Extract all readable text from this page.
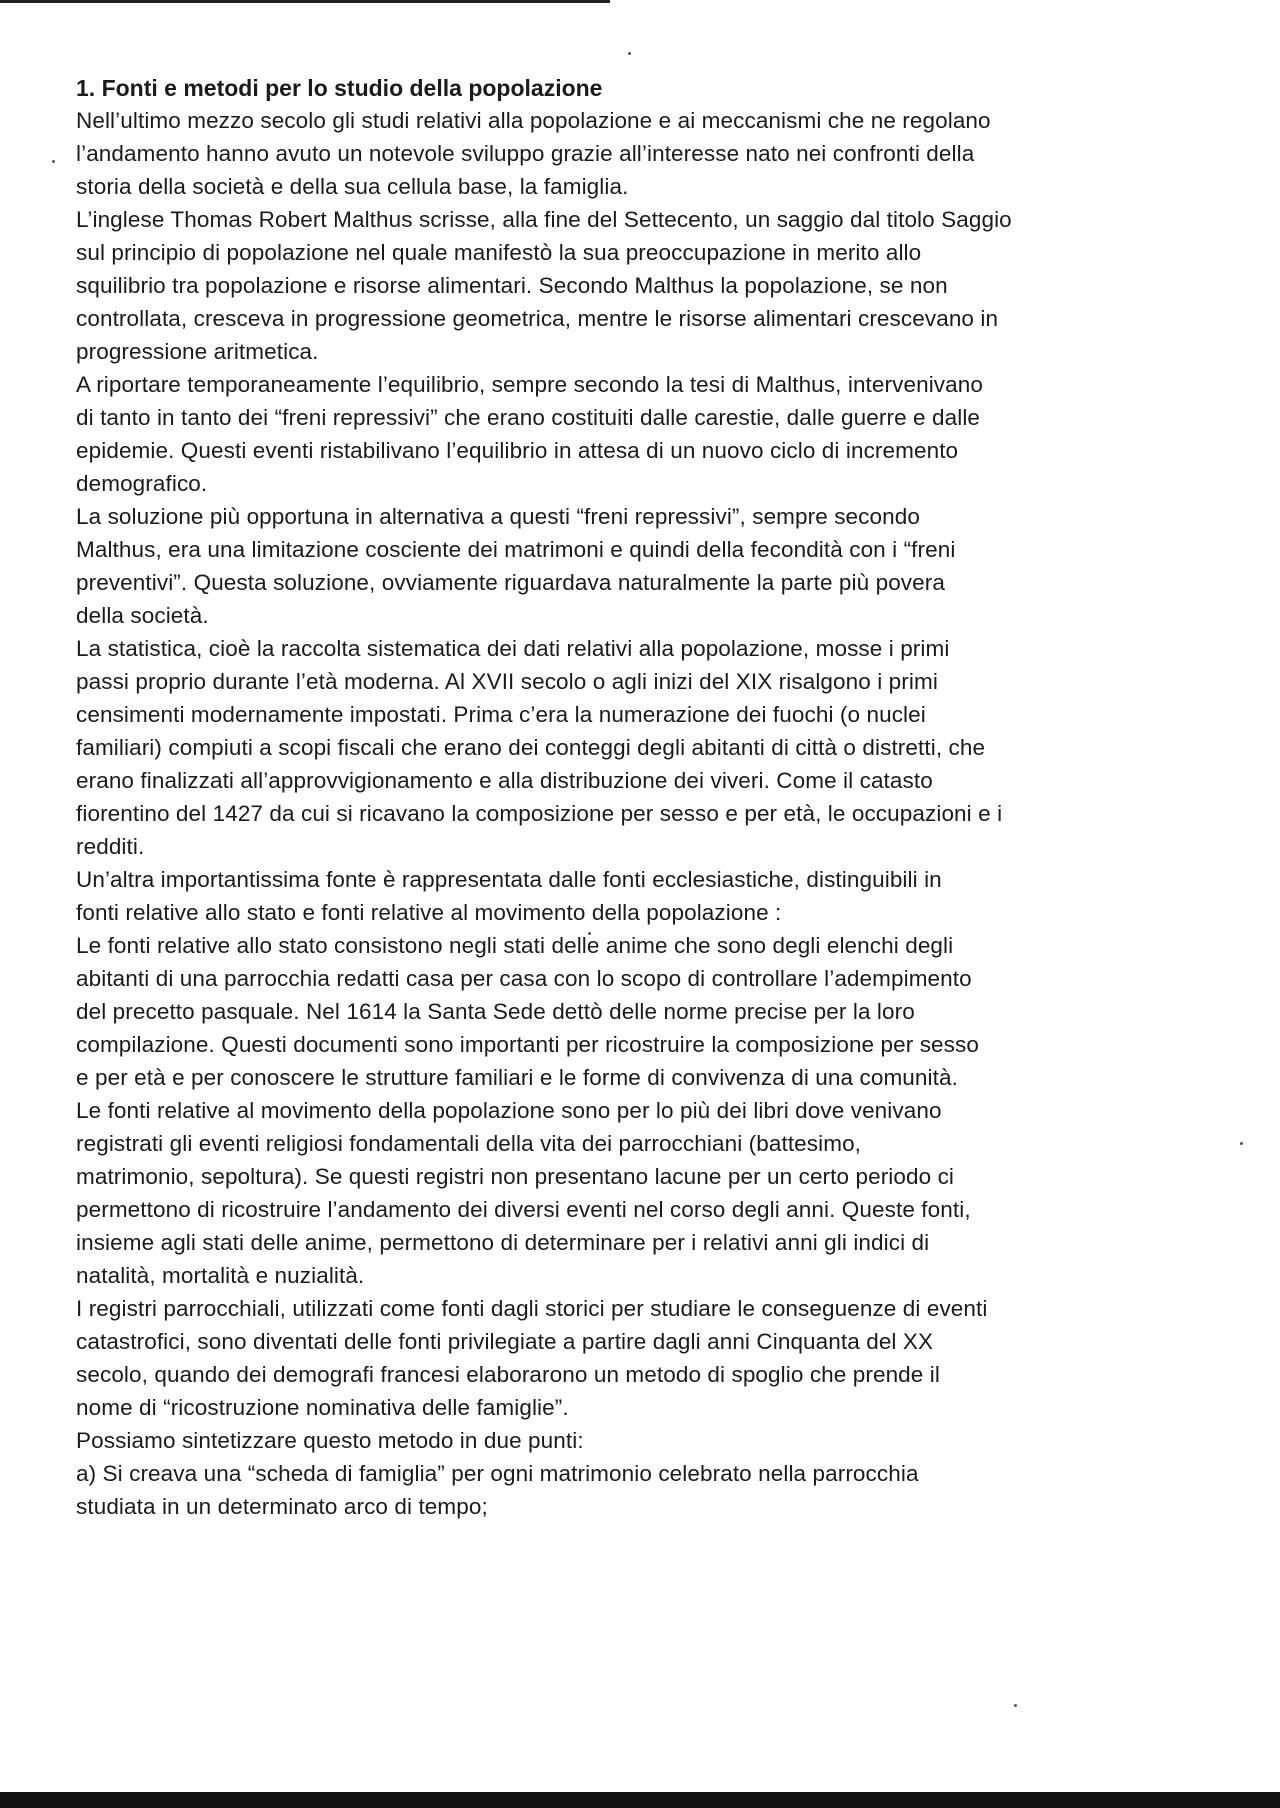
1. Fonti e metodi per lo studio della popolazione

Nell’ultimo mezzo secolo gli studi relativi alla popolazione e ai meccanismi che ne regolano

l’andamento hanno avuto un notevole sviluppo grazie all’interesse nato nei confronti della

storia della società e della sua cellula base, la famiglia.

L’inglese Thomas Robert Malthus scrisse, alla fine del Settecento, un saggio dal titolo Saggio

sul principio di popolazione nel quale manifestò la sua preoccupazione in merito allo

squilibrio tra popolazione e risorse alimentari. Secondo Malthus la popolazione, se non

controllata, cresceva in progressione geometrica, mentre le risorse alimentari crescevano in

progressione aritmetica.

A riportare temporaneamente l’equilibrio, sempre secondo la tesi di Malthus, intervenivano

di tanto in tanto dei “freni repressivi” che erano costituiti dalle carestie, dalle guerre e dalle

epidemie. Questi eventi ristabilivano l’equilibrio in attesa di un nuovo ciclo di incremento

demografico.

La soluzione più opportuna in alternativa a questi “freni repressivi”, sempre secondo

Malthus, era una limitazione cosciente dei matrimoni e quindi della fecondità con i “freni

preventivi”. Questa soluzione, ovviamente riguardava naturalmente la parte più povera

della società.

La statistica, cioè la raccolta sistematica dei dati relativi alla popolazione, mosse i primi

passi proprio durante l’età moderna. Al XVII secolo o agli inizi del XIX risalgono i primi

censimenti modernamente impostati. Prima c’era la numerazione dei fuochi (o nuclei

familiari) compiuti a scopi fiscali che erano dei conteggi degli abitanti di città o distretti, che

erano finalizzati all’approvvigionamento e alla distribuzione dei viveri. Come il catasto

fiorentino del 1427 da cui si ricavano la composizione per sesso e per età, le occupazioni e i

redditi.

Un’altra importantissima fonte è rappresentata dalle fonti ecclesiastiche, distinguibili in

fonti relative allo stato e fonti relative al movimento della popolazione :

Le fonti relative allo stato consistono negli stati delle anime che sono degli elenchi degli

abitanti di una parrocchia redatti casa per casa con lo scopo di controllare l’adempimento

del precetto pasquale. Nel 1614 la Santa Sede dettò delle norme precise per la loro

compilazione. Questi documenti sono importanti per ricostruire la composizione per sesso

e per età e per conoscere le strutture familiari e le forme di convivenza di una comunità.

Le fonti relative al movimento della popolazione sono per lo più dei libri dove venivano

registrati gli eventi religiosi fondamentali della vita dei parrocchiani (battesimo,

matrimonio, sepoltura). Se questi registri non presentano lacune per un certo periodo ci

permettono di ricostruire l’andamento dei diversi eventi nel corso degli anni. Queste fonti,

insieme agli stati delle anime, permettono di determinare per i relativi anni gli indici di

natalità, mortalità e nuzialità.

I registri parrocchiali, utilizzati come fonti dagli storici per studiare le conseguenze di eventi

catastrofici, sono diventati delle fonti privilegiate a partire dagli anni Cinquanta del XX

secolo, quando dei demografi francesi elaborarono un metodo di spoglio che prende il

nome di “ricostruzione nominativa delle famiglie”.

Possiamo sintetizzare questo metodo in due punti:

a) Si creava una “scheda di famiglia” per ogni matrimonio celebrato nella parrocchia

studiata in un determinato arco di tempo;
